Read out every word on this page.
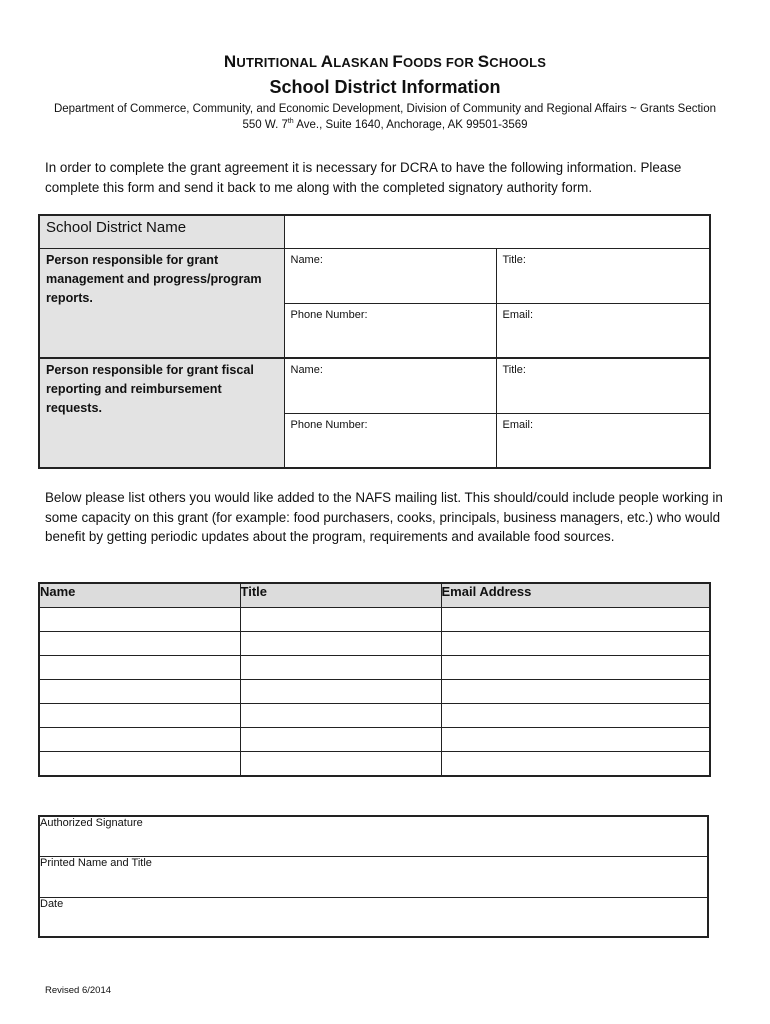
NUTRITIONAL ALASKAN FOODS FOR SCHOOLS
School District Information
Department of Commerce, Community, and Economic Development, Division of Community and Regional Affairs ~ Grants Section
550 W. 7th Ave., Suite 1640, Anchorage, AK 99501-3569
In order to complete the grant agreement it is necessary for DCRA to have the following information. Please complete this form and send it back to me along with the completed signatory authority form.
School District Name		
Person responsible for grant management and progress/program reports.	Name:	Title:
	Phone Number:	Email:
Person responsible for grant fiscal reporting and reimbursement requests.	Name:	Title:
	Phone Number:	Email:
Below please list others you would like added to the NAFS mailing list. This should/could include people working in some capacity on this grant (for example: food purchasers, cooks, principals, business managers, etc.) who would benefit by getting periodic updates about the program, requirements and available food sources.
Name	Title	Email Address

Authorized Signature
Printed Name and Title
Date
Revised 6/2014
